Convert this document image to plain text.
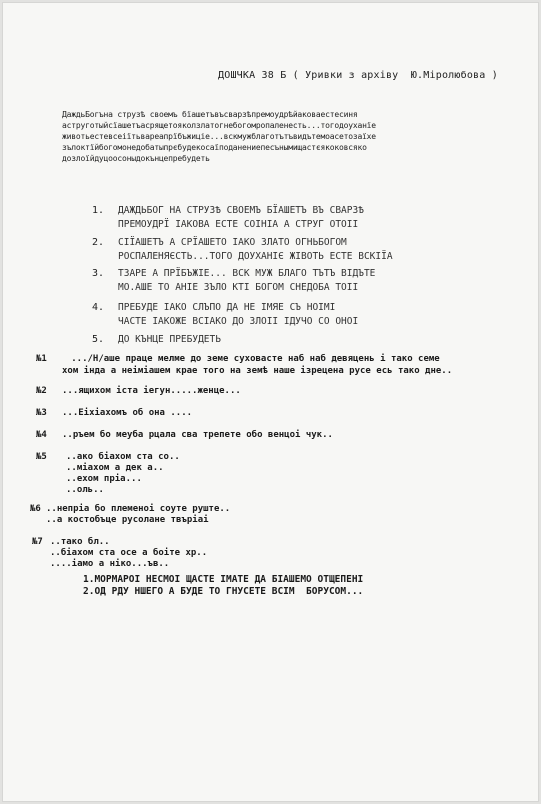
ДОШЧКА 38 Б ( Уривки з архіву  Ю.Міролюбова )
ДаждьБогъна струзѣ своемъ бїашетъвъсварзѣпремоудрѣйаковаестесиня
аструготыйсїашетъасрящетояколзлатогнебогомропаленесть...тогодоуханїе
животьестевсеіїтьвареапрїбъжиціе...вскмужблаготътъвидътемоасетозаїхе
зълоктїйбогомонедобатыпрєбудекосаїподанениепесънымищастєякоковсяко
дозлоїйдуцоосоныдокънцепребудеть
1. ДАЖДЬБОГ НА СТРУЗѢ СВОЕМЪ БЇАШЕТЪ ВЪ СВАРЗѢ
ПРЕМОУДРЇ ІАКОВА ЕСТЕ СОІНІА А СТРУГ ОТОІІ
2. СІЇАШЕТЪ А СРЇАШЕТО ІАКО ЗЛАТО ОГНЬБОГОМ
РОСПАЛЕНЯЄСТЬ...ТОГО ДОУХАНІЄ ЖІВОТЬ ЕСТЕ ВСКІЇА
3. ТЗАРЕ А ПРЇБЪЖІЕ... ВСК МУЖ БЛАГО ТЪТЪ ВІДЪТЕ
МО.АШЕ ТО АНІЕ ЗЪЛО КТІ БОГОМ СНЕДОБА ТОІІ
4. ПРЕБУДЕ ІАКО СЛЪПО ДА НЕ ІМЯЕ СЪ НОІМІ
ЧАСТЕ ІАКОЖЕ ВСІАКО ДО ЗЛОІІ ІДУЧО СО ОНОІ
5. ДО КЪНЦЕ ПРЕБУДЕТЬ
№1 .../Н/аше праце мелме до земе суховасте наб наб девяцень і тако семе
хом інда а неіміашем крае того на земѣ наше ізрецена русе есь тако дне..
№2 ...ящихом іста іегун.....женце...
№3 ...Еіхіахомъ об она ....
№4 ..ръем бо меуба рцала сва трепете обо венцоі чук..
№5 ..ако біахом ста со..
..міахом а дек а..
..ехом пріа...
..оль..
№6 ..непріа бо племеноі соуте руште..
..а костобъце русолане твъріаі
№7 ..тако бл..
..біахом ста осе а боіте хр..
....іамо а ніко...ъв..
1.МОРМАРОІ НЕСМОІ ЩАСТЕ ІМАТЕ ДА БІАШЕМО ОТЩЕПЕНІ
2.ОД РДУ НШЕГО А БУДЕ ТО ГНУСЕТЕ ВСІМ  БОРУСОМ...
